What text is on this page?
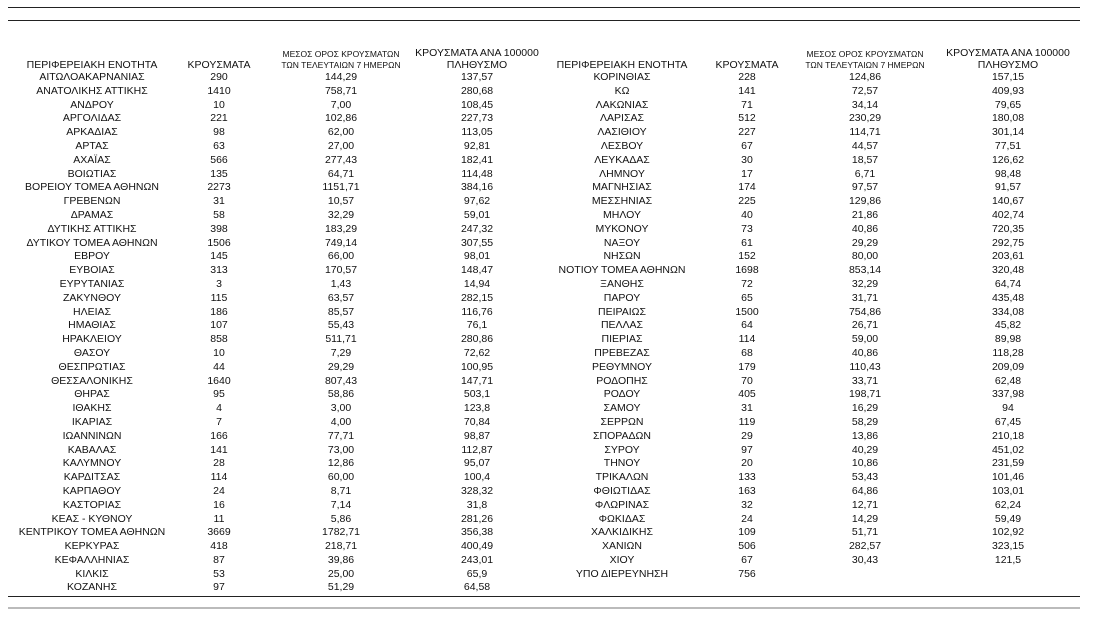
ΠΕΡΙΦΕΡΕΙΑΚΗ ΕΝΟΤΗΤΑ	ΚΡΟΥΣΜΑΤΑ	ΜΕΣΟΣ ΟΡΟΣ ΚΡΟΥΣΜΑΤΩΝ
ΤΩΝ ΤΕΛΕΥΤΑΙΩΝ 7 ΗΜΕΡΩΝ	ΚΡΟΥΣΜΑΤΑ ΑΝΑ 100000
ΠΛΗΘΥΣΜΟ	ΠΕΡΙΦΕΡΕΙΑΚΗ ΕΝΟΤΗΤΑ	ΚΡΟΥΣΜΑΤΑ	ΜΕΣΟΣ ΟΡΟΣ ΚΡΟΥΣΜΑΤΩΝ
ΤΩΝ ΤΕΛΕΥΤΑΙΩΝ 7 ΗΜΕΡΩΝ	ΚΡΟΥΣΜΑΤΑ ΑΝΑ 100000
ΠΛΗΘΥΣΜΟ

ΑΙΤΩΛΟΑΚΑΡΝΑΝΙΑΣ	290	144,29	137,57	ΚΟΡΙΝΘΙΑΣ	228	124,86	157,15
ΑΝΑΤΟΛΙΚΗΣ ΑΤΤΙΚΗΣ	1410	758,71	280,68	ΚΩ	141	72,57	409,93
ΑΝΔΡΟΥ	10	7,00	108,45	ΛΑΚΩΝΙΑΣ	71	34,14	79,65
ΑΡΓΟΛΙΔΑΣ	221	102,86	227,73	ΛΑΡΙΣΑΣ	512	230,29	180,08
ΑΡΚΑΔΙΑΣ	98	62,00	113,05	ΛΑΣΙΘΙΟΥ	227	114,71	301,14
ΑΡΤΑΣ	63	27,00	92,81	ΛΕΣΒΟΥ	67	44,57	77,51
ΑΧΑΪΑΣ	566	277,43	182,41	ΛΕΥΚΑΔΑΣ	30	18,57	126,62
ΒΟΙΩΤΙΑΣ	135	64,71	114,48	ΛΗΜΝΟΥ	17	6,71	98,48
ΒΟΡΕΙΟΥ ΤΟΜΕΑ ΑΘΗΝΩΝ	2273	1151,71	384,16	ΜΑΓΝΗΣΙΑΣ	174	97,57	91,57
ΓΡΕΒΕΝΩΝ	31	10,57	97,62	ΜΕΣΣΗΝΙΑΣ	225	129,86	140,67
ΔΡΑΜΑΣ	58	32,29	59,01	ΜΗΛΟΥ	40	21,86	402,74
ΔΥΤΙΚΗΣ ΑΤΤΙΚΗΣ	398	183,29	247,32	ΜΥΚΟΝΟΥ	73	40,86	720,35
ΔΥΤΙΚΟΥ ΤΟΜΕΑ ΑΘΗΝΩΝ	1506	749,14	307,55	ΝΑΞΟΥ	61	29,29	292,75
ΕΒΡΟΥ	145	66,00	98,01	ΝΗΣΩΝ	152	80,00	203,61
ΕΥΒΟΙΑΣ	313	170,57	148,47	ΝΟΤΙΟΥ ΤΟΜΕΑ ΑΘΗΝΩΝ	1698	853,14	320,48
ΕΥΡΥΤΑΝΙΑΣ	3	1,43	14,94	ΞΑΝΘΗΣ	72	32,29	64,74
ΖΑΚΥΝΘΟΥ	115	63,57	282,15	ΠΑΡΟΥ	65	31,71	435,48
ΗΛΕΙΑΣ	186	85,57	116,76	ΠΕΙΡΑΙΩΣ	1500	754,86	334,08
ΗΜΑΘΙΑΣ	107	55,43	76,1	ΠΕΛΛΑΣ	64	26,71	45,82
ΗΡΑΚΛΕΙΟΥ	858	511,71	280,86	ΠΙΕΡΙΑΣ	114	59,00	89,98
ΘΑΣΟΥ	10	7,29	72,62	ΠΡΕΒΕΖΑΣ	68	40,86	118,28
ΘΕΣΠΡΩΤΙΑΣ	44	29,29	100,95	ΡΕΘΥΜΝΟΥ	179	110,43	209,09
ΘΕΣΣΑΛΟΝΙΚΗΣ	1640	807,43	147,71	ΡΟΔΟΠΗΣ	70	33,71	62,48
ΘΗΡΑΣ	95	58,86	503,1	ΡΟΔΟΥ	405	198,71	337,98
ΙΘΑΚΗΣ	4	3,00	123,8	ΣΑΜΟΥ	31	16,29	94
ΙΚΑΡΙΑΣ	7	4,00	70,84	ΣΕΡΡΩΝ	119	58,29	67,45
ΙΩΑΝΝΙΝΩΝ	166	77,71	98,87	ΣΠΟΡΑΔΩΝ	29	13,86	210,18
ΚΑΒΑΛΑΣ	141	73,00	112,87	ΣΥΡΟΥ	97	40,29	451,02
ΚΑΛΥΜΝΟΥ	28	12,86	95,07	ΤΗΝΟΥ	20	10,86	231,59
ΚΑΡΔΙΤΣΑΣ	114	60,00	100,4	ΤΡΙΚΑΛΩΝ	133	53,43	101,46
ΚΑΡΠΑΘΟΥ	24	8,71	328,32	ΦΘΙΩΤΙΔΑΣ	163	64,86	103,01
ΚΑΣΤΟΡΙΑΣ	16	7,14	31,8	ΦΛΩΡΙΝΑΣ	32	12,71	62,24
ΚΕΑΣ - ΚΥΘΝΟΥ	11	5,86	281,26	ΦΩΚΙΔΑΣ	24	14,29	59,49
ΚΕΝΤΡΙΚΟΥ ΤΟΜΕΑ ΑΘΗΝΩΝ	3669	1782,71	356,38	ΧΑΛΚΙΔΙΚΗΣ	109	51,71	102,92
ΚΕΡΚΥΡΑΣ	418	218,71	400,49	ΧΑΝΙΩΝ	506	282,57	323,15
ΚΕΦΑΛΛΗΝΙΑΣ	87	39,86	243,01	ΧΙΟΥ	67	30,43	121,5
ΚΙΛΚΙΣ	53	25,00	65,9	ΥΠΟ ΔΙΕΡΕΥΝΗΣΗ	756		
ΚΟΖΑΝΗΣ	97	51,29	64,58				
